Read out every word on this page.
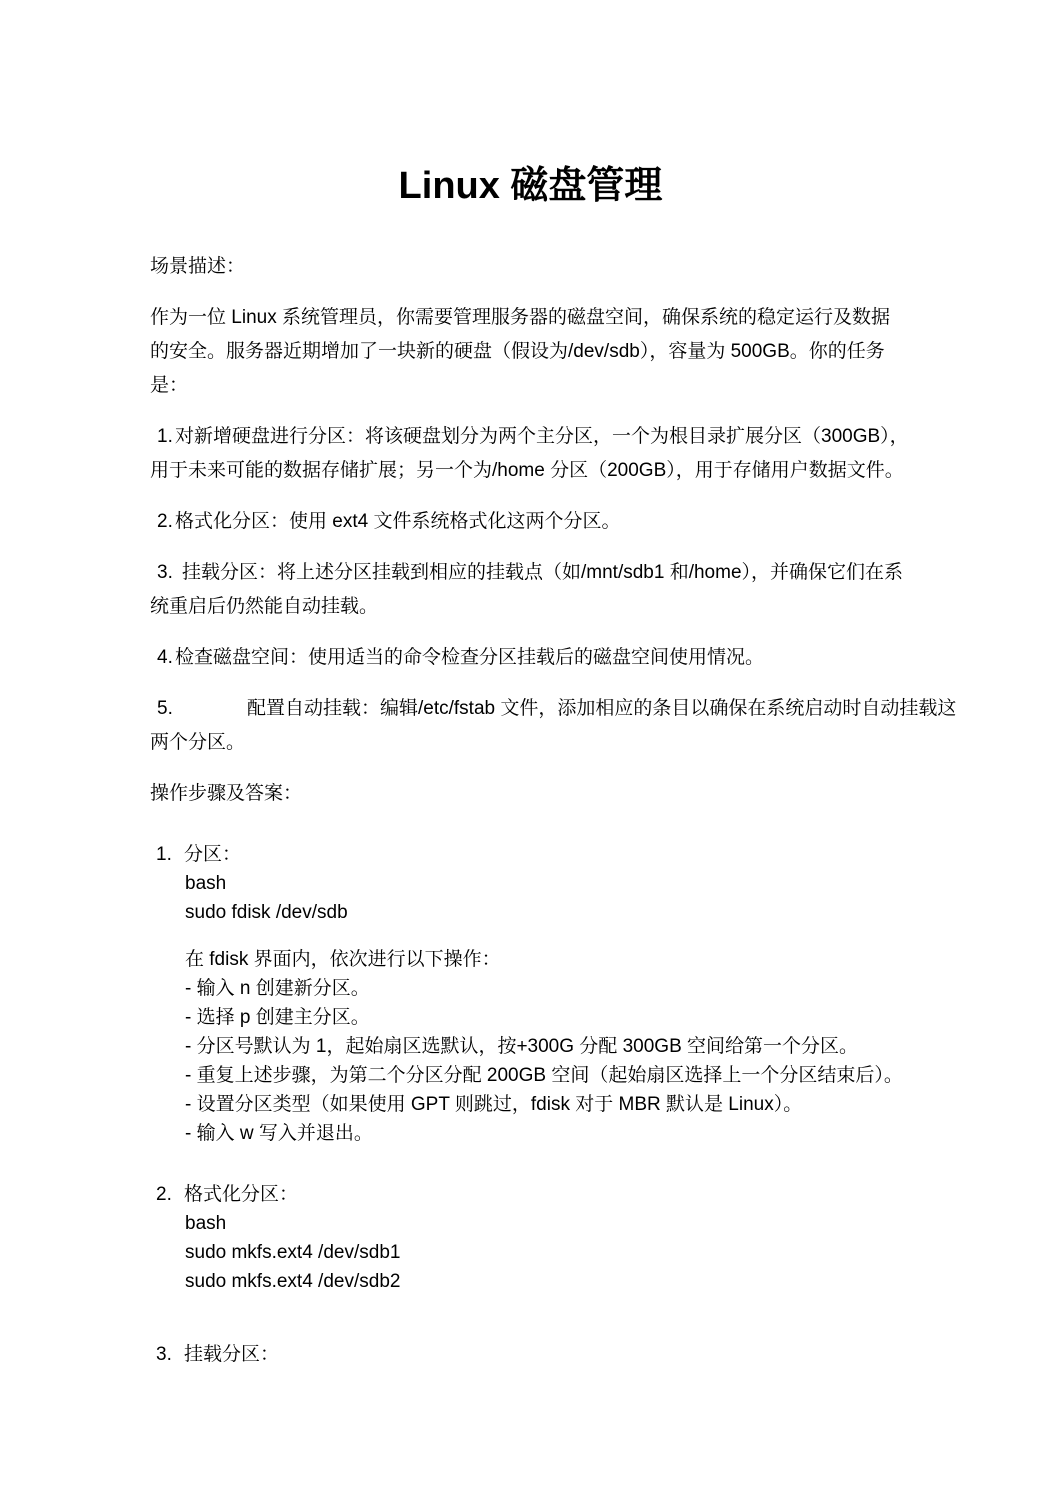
Linux 磁盘管理
场景描述：
作为一位 Linux 系统管理员，你需要管理服务器的磁盘空间，确保系统的稳定运行及数据
的安全。服务器近期增加了一块新的硬盘（假设为/dev/sdb），容量为 500GB。你的任务
是：
1. 对新增硬盘进行分区：将该硬盘划分为两个主分区，一个为根目录扩展分区（300GB），
用于未来可能的数据存储扩展；另一个为/home 分区（200GB），用于存储用户数据文件。
2. 格式化分区：使用 ext4 文件系统格式化这两个分区。
3. 挂载分区：将上述分区挂载到相应的挂载点（如/mnt/sdb1 和/home），并确保它们在系
统重启后仍然能自动挂载。
4. 检查磁盘空间：使用适当的命令检查分区挂载后的磁盘空间使用情况。
5.	配置自动挂载：编辑/etc/fstab 文件，添加相应的条目以确保在系统启动时自动挂载这
两个分区。
操作步骤及答案：
1. 分区：
bash
sudo fdisk /dev/sdb
在 fdisk 界面内，依次进行以下操作：
- 输入 n 创建新分区。
- 选择 p 创建主分区。
- 分区号默认为 1，起始扇区选默认，按+300G 分配 300GB 空间给第一个分区。
- 重复上述步骤，为第二个分区分配 200GB 空间（起始扇区选择上一个分区结束后）。
- 设置分区类型（如果使用 GPT 则跳过，fdisk 对于 MBR 默认是 Linux）。
- 输入 w 写入并退出。
2. 格式化分区：
bash
sudo mkfs.ext4 /dev/sdb1
sudo mkfs.ext4 /dev/sdb2
3. 挂载分区：
